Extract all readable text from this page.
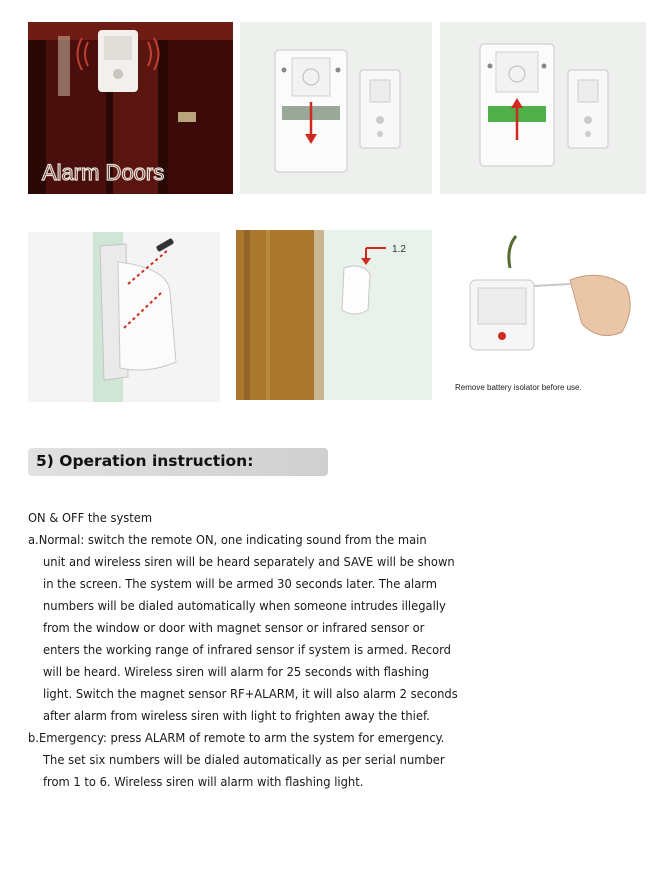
Alarm Doors
1.2
Remove battery isolator before use.
5) Operation instruction:
ON & OFF the system
a.Normal: switch the remote ON, one indicating sound from the main
unit and wireless siren will be heard separately and SAVE will be shown
in the screen. The system will be armed 30 seconds later. The alarm
numbers will be dialed automatically when someone intrudes illegally
from the window or door with magnet sensor or infrared sensor or
enters the working range of infrared sensor if system is armed. Record
will be heard. Wireless siren will alarm for 25 seconds with flashing
light. Switch the magnet sensor RF+ALARM, it will also alarm 2 seconds
after alarm from wireless siren with light to frighten away the thief.
b.Emergency: press ALARM of remote to arm the system for emergency.
The set six numbers will be dialed automatically as per serial number
from 1 to 6. Wireless siren will alarm with flashing light.
